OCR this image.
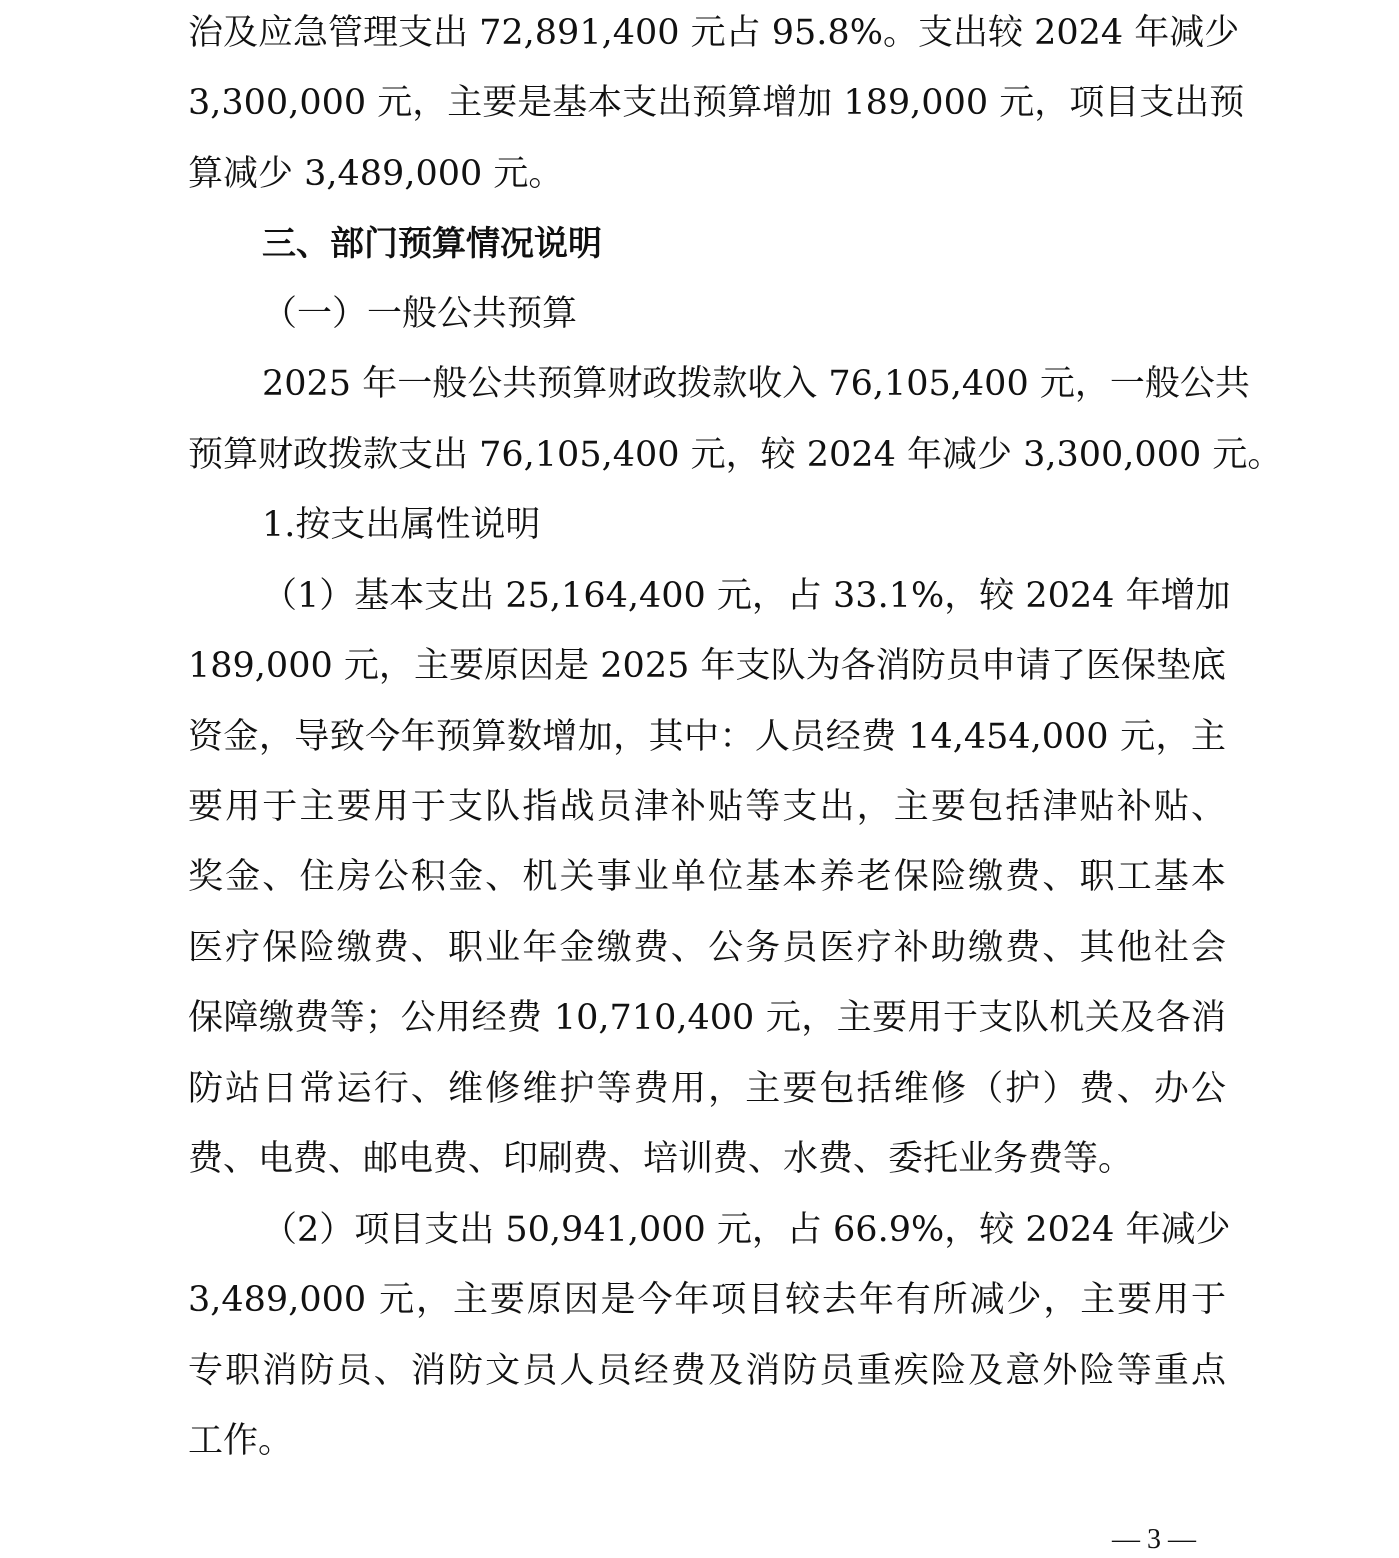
治及应急管理支出 72,891,400 元占 95.8%。支出较 2024 年减少
3,300,000 元，主要是基本支出预算增加 189,000 元，项目支出预
算减少 3,489,000 元。
三、部门预算情况说明
（一）一般公共预算
2025 年一般公共预算财政拨款收入 76,105,400 元，一般公共
预算财政拨款支出 76,105,400 元，较 2024 年减少 3,300,000 元。
1.按支出属性说明
（1）基本支出 25,164,400 元，占 33.1%，较 2024 年增加
189,000 元，主要原因是 2025 年支队为各消防员申请了医保垫底
资金，导致今年预算数增加，其中：人员经费 14,454,000 元，主
要用于主要用于支队指战员津补贴等支出，主要包括津贴补贴、
奖金、住房公积金、机关事业单位基本养老保险缴费、职工基本
医疗保险缴费、职业年金缴费、公务员医疗补助缴费、其他社会
保障缴费等；公用经费 10,710,400 元，主要用于支队机关及各消
防站日常运行、维修维护等费用，主要包括维修（护）费、办公
费、电费、邮电费、印刷费、培训费、水费、委托业务费等。
（2）项目支出 50,941,000 元，占 66.9%，较 2024 年减少
3,489,000 元，主要原因是今年项目较去年有所减少，主要用于
专职消防员、消防文员人员经费及消防员重疾险及意外险等重点
工作。
— 3 —
